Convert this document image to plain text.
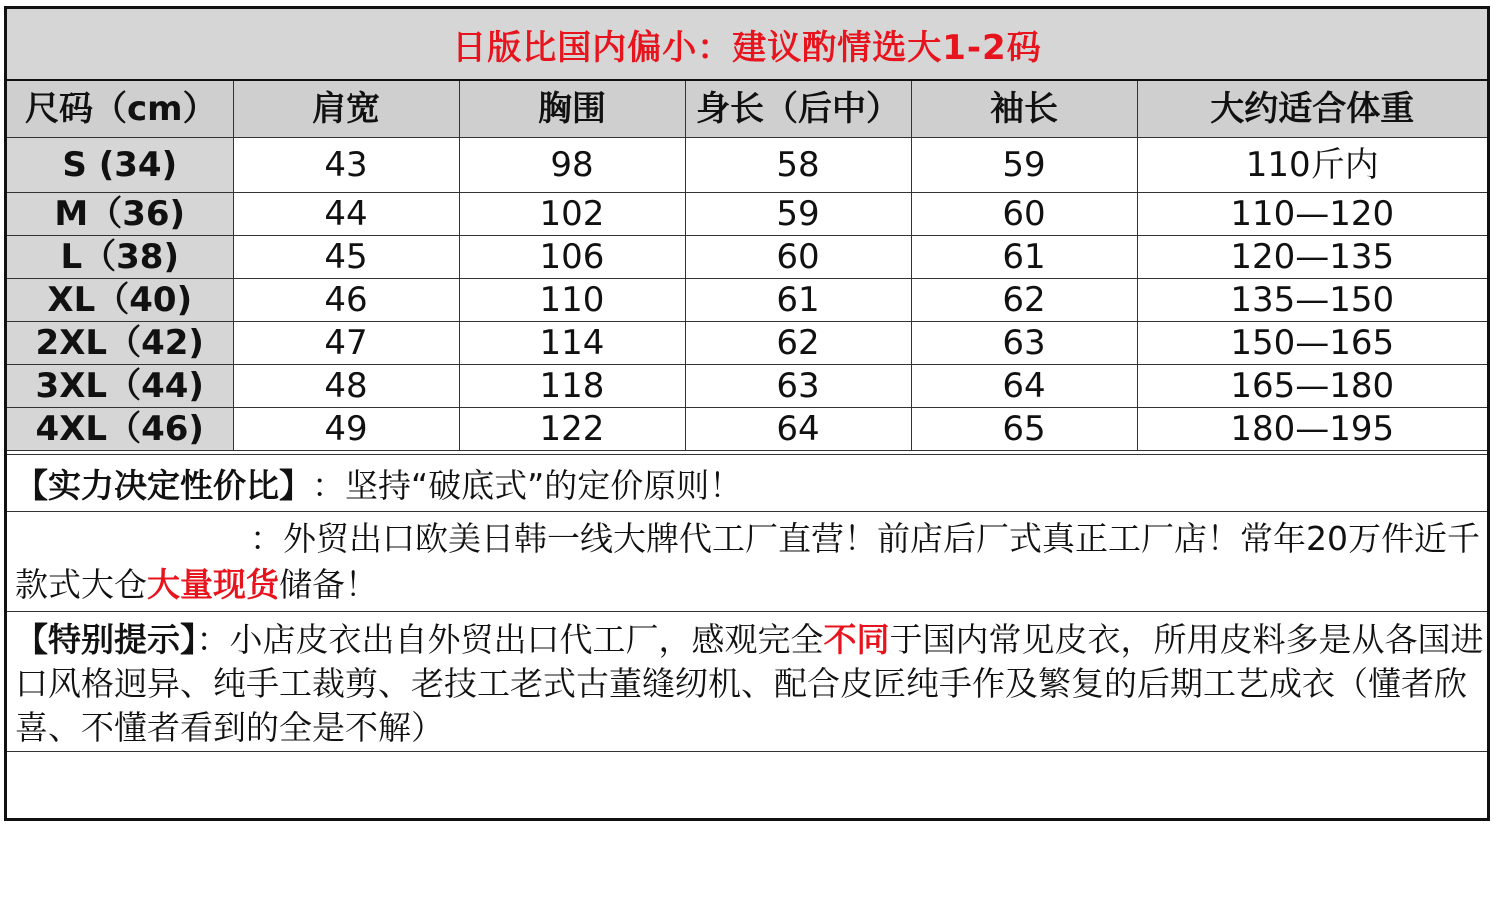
日版比国内偏小：建议酌情选大1-2码
尺码（cm）	肩宽	胸围	身长（后中）	袖长	大约适合体重
S (34)	43	98	58	59	110斤内
M（36)	44	102	59	60	110—120
L（38)	45	106	60	61	120—135
XL（40)	46	110	61	62	135—150
2XL（42)	47	114	62	63	150—165
3XL（44)	48	118	63	64	165—180
4XL（46)	49	122	64	65	180—195
【实力决定性价比】 ：坚持“破底式”的定价原则！
：外贸出口欧美日韩一线大牌代工厂直营！前店后厂式真正工厂店！常年20万件近千款式大仓大量现货储备！
【特别提示】：小店皮衣出自外贸出口代工厂，感观完全不同于国内常见皮衣，所用皮料多是从各国进口风格迥异、纯手工裁剪、老技工老式古董缝纫机、配合皮匠纯手作及繁复的后期工艺成衣（懂者欣喜、不懂者看到的全是不解）
